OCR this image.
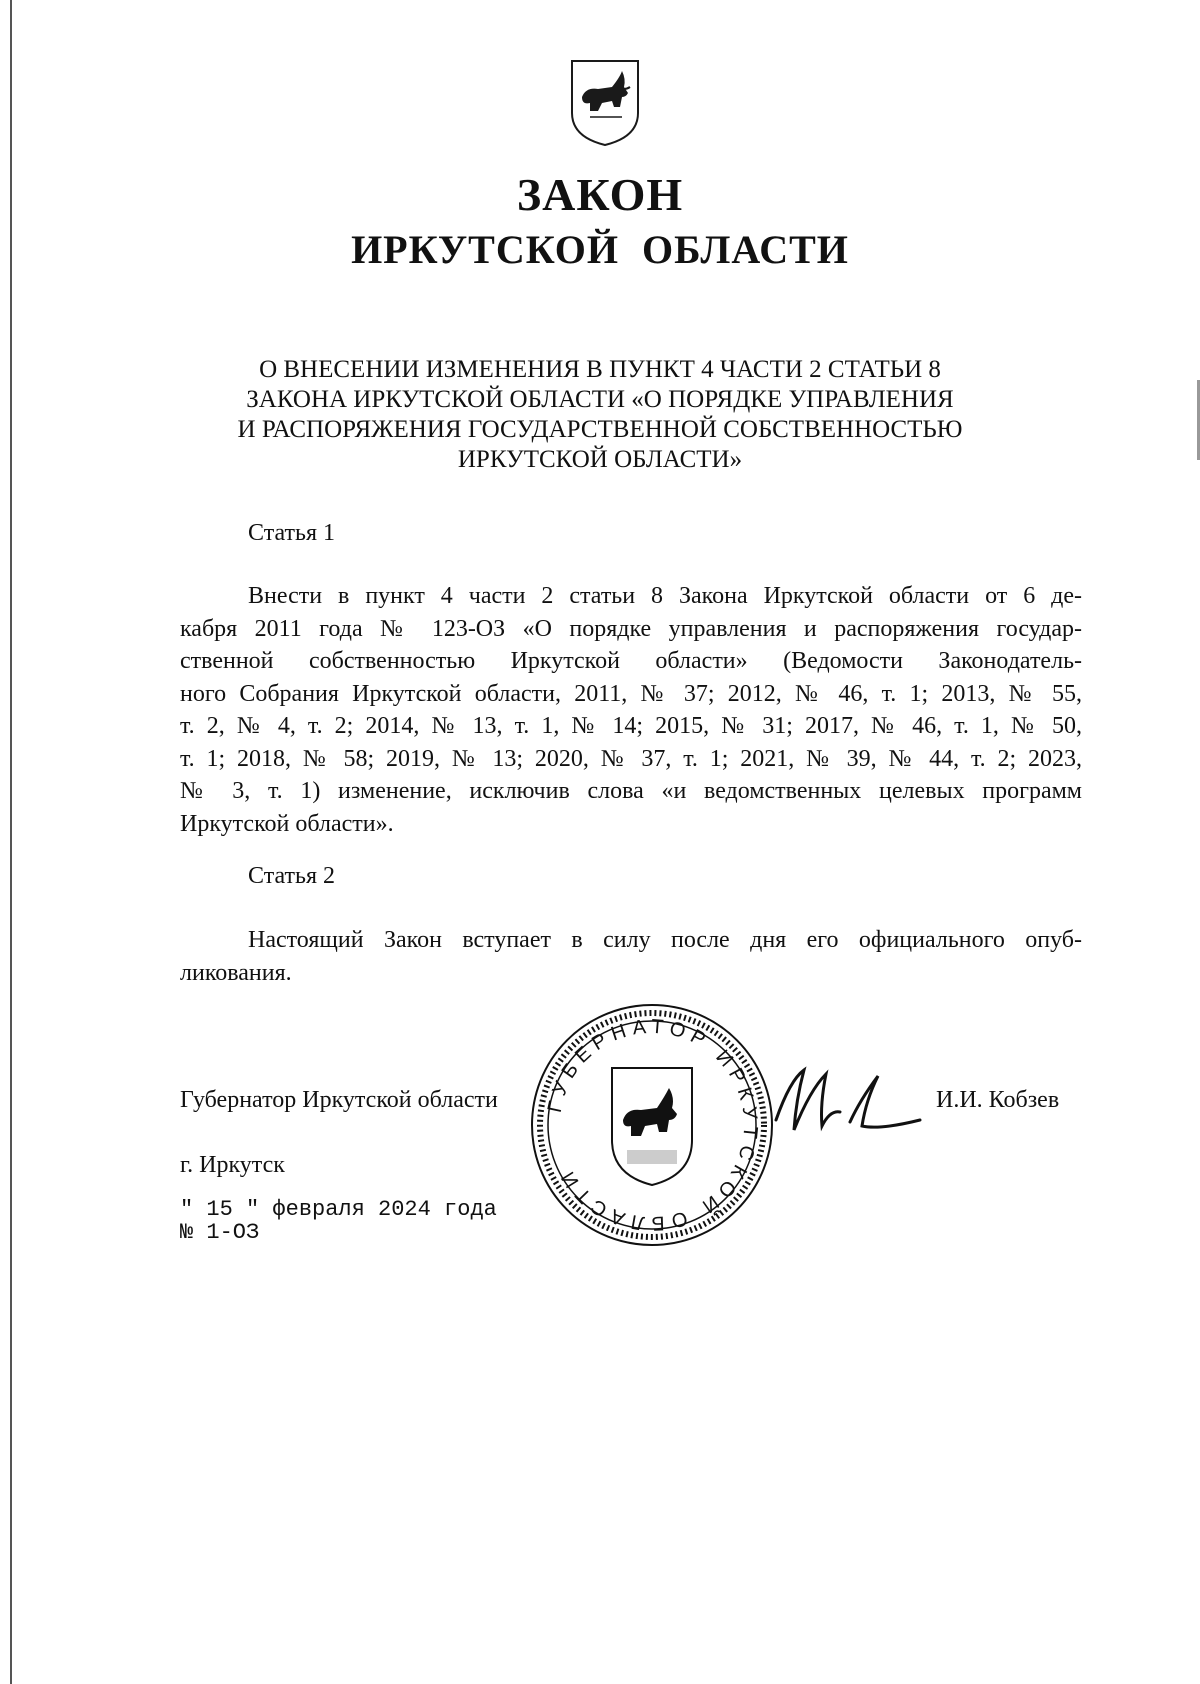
ЗАКОН
ИРКУТСКОЙ ОБЛАСТИ
О ВНЕСЕНИИ ИЗМЕНЕНИЯ В ПУНКТ 4 ЧАСТИ 2 СТАТЬИ 8
ЗАКОНА ИРКУТСКОЙ ОБЛАСТИ «О ПОРЯДКЕ УПРАВЛЕНИЯ
И РАСПОРЯЖЕНИЯ ГОСУДАРСТВЕННОЙ СОБСТВЕННОСТЬЮ
ИРКУТСКОЙ ОБЛАСТИ»
Статья 1
Внести в пункт 4 части 2 статьи 8 Закона Иркутской области от 6 де-
кабря 2011 года № 123-ОЗ «О порядке управления и распоряжения государ-
ственной собственностью Иркутской области» (Ведомости Законодатель-
ного Собрания Иркутской области, 2011, № 37; 2012, № 46, т. 1; 2013, № 55,
т. 2, № 4, т. 2; 2014, № 13, т. 1, № 14; 2015, № 31; 2017, № 46, т. 1, № 50,
т. 1; 2018, № 58; 2019, № 13; 2020, № 37, т. 1; 2021, № 39, № 44, т. 2; 2023,
№ 3, т. 1) изменение, исключив слова «и ведомственных целевых программ
Иркутской области».
Статья 2
Настоящий Закон вступает в силу после дня его официального опуб-
ликования.
Губернатор Иркутской области	И.И. Кобзев
г. Иркутск
" 15 " февраля 2024 года
№ 1-ОЗ
ГУБЕРНАТОР ИРКУТСКОЙ ОБЛАСТИ
